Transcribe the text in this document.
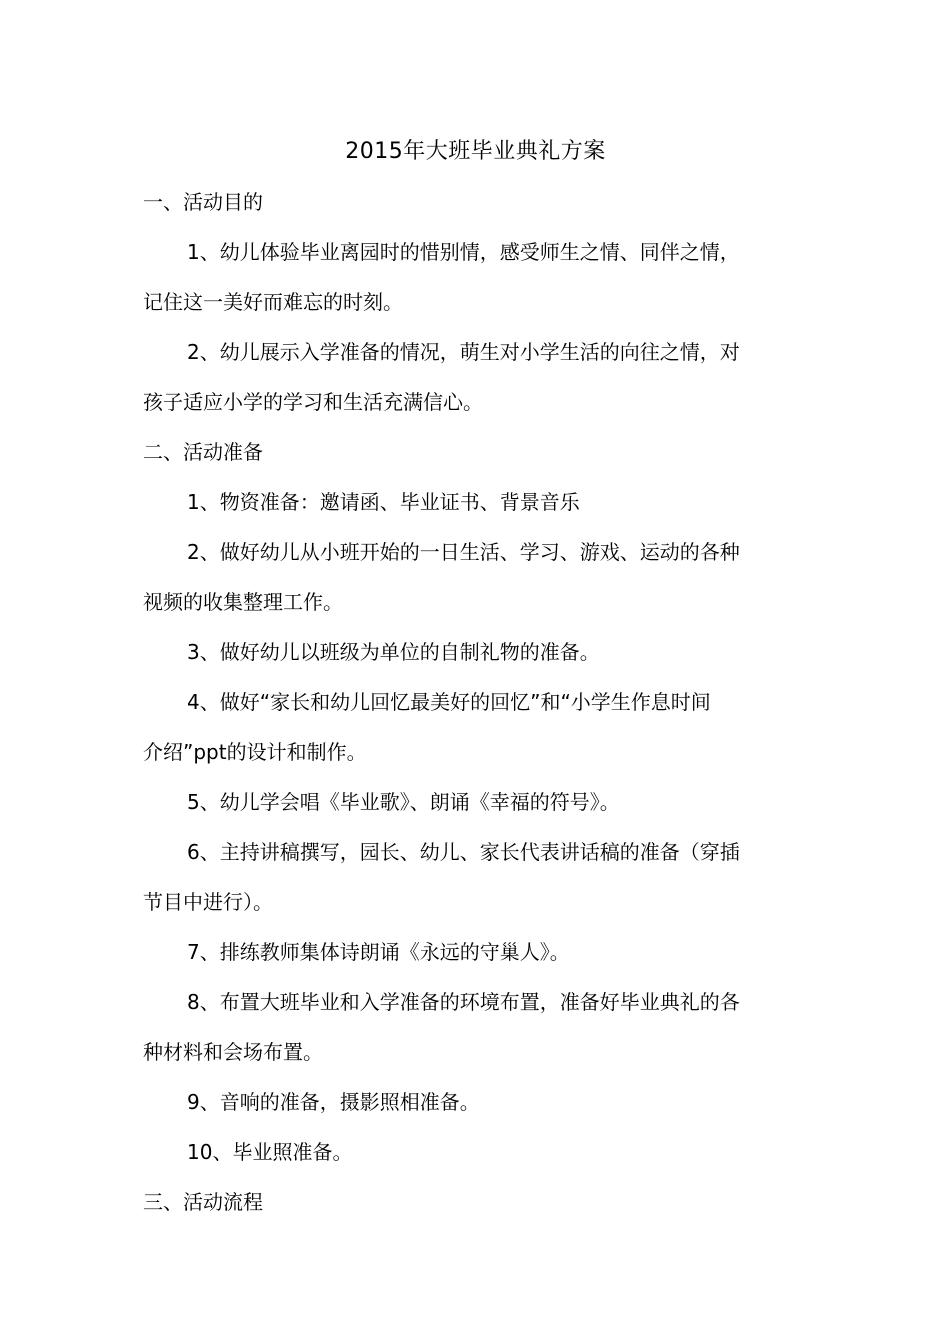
2015年大班毕业典礼方案

一、活动目的

1、幼儿体验毕业离园时的惜别情，感受师生之情、同伴之情，

记住这一美好而难忘的时刻。

2、幼儿展示入学准备的情况，萌生对小学生活的向往之情，对

孩子适应小学的学习和生活充满信心。

二、活动准备

1、物资准备：邀请函、毕业证书、背景音乐

2、做好幼儿从小班开始的一日生活、学习、游戏、运动的各种

视频的收集整理工作。

3、做好幼儿以班级为单位的自制礼物的准备。

4、做好“家长和幼儿回忆最美好的回忆”和“小学生作息时间

介绍”ppt的设计和制作。

5、幼儿学会唱《毕业歌》、朗诵《幸福的符号》。

6、主持讲稿撰写，园长、幼儿、家长代表讲话稿的准备（穿插

节目中进行）。

7、排练教师集体诗朗诵《永远的守巢人》。

8、布置大班毕业和入学准备的环境布置，准备好毕业典礼的各

种材料和会场布置。

9、音响的准备，摄影照相准备。

10、毕业照准备。

三、活动流程
